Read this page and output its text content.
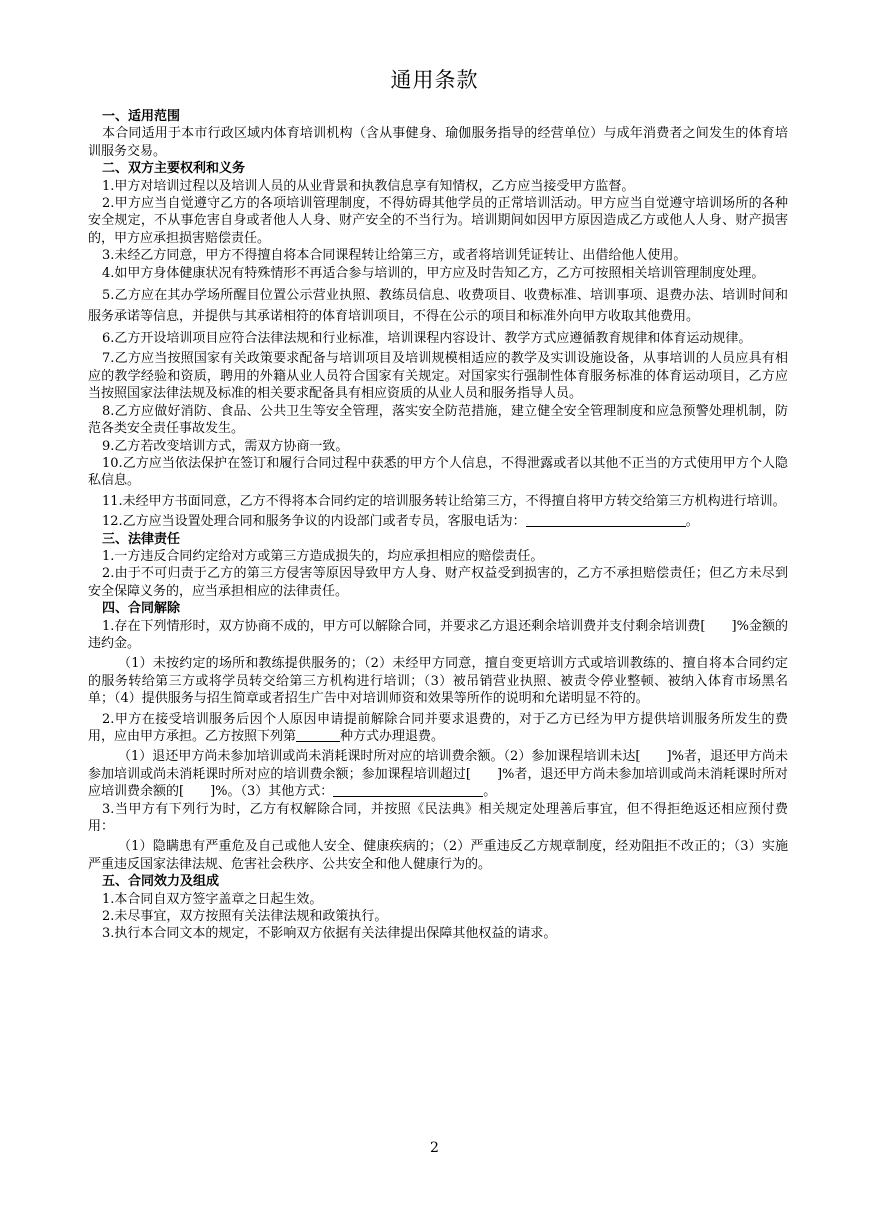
通用条款

一、适用范围

本合同适用于本市行政区域内体育培训机构（含从事健身、瑜伽服务指导的经营单位）与成年消费者之间发生的体育培训服务交易。

二、双方主要权利和义务

1.甲方对培训过程以及培训人员的从业背景和执教信息享有知情权，乙方应当接受甲方监督。

2.甲方应当自觉遵守乙方的各项培训管理制度，不得妨碍其他学员的正常培训活动。甲方应当自觉遵守培训场所的各种安全规定，不从事危害自身或者他人人身、财产安全的不当行为。培训期间如因甲方原因造成乙方或他人人身、财产损害的，甲方应承担损害赔偿责任。

3.未经乙方同意，甲方不得擅自将本合同课程转让给第三方，或者将培训凭证转让、出借给他人使用。

4.如甲方身体健康状况有特殊情形不再适合参与培训的，甲方应及时告知乙方，乙方可按照相关培训管理制度处理。

5.乙方应在其办学场所醒目位置公示营业执照、教练员信息、收费项目、收费标准、培训事项、退费办法、培训时间和服务承诺等信息，并提供与其承诺相符的体育培训项目，不得在公示的项目和标准外向甲方收取其他费用。

6.乙方开设培训项目应符合法律法规和行业标准，培训课程内容设计、教学方式应遵循教育规律和体育运动规律。

7.乙方应当按照国家有关政策要求配备与培训项目及培训规模相适应的教学及实训设施设备，从事培训的人员应具有相应的教学经验和资质，聘用的外籍从业人员符合国家有关规定。对国家实行强制性体育服务标准的体育运动项目，乙方应当按照国家法律法规及标准的相关要求配备具有相应资质的从业人员和服务指导人员。

8.乙方应做好消防、食品、公共卫生等安全管理，落实安全防范措施，建立健全安全管理制度和应急预警处理机制，防范各类安全责任事故发生。

9.乙方若改变培训方式，需双方协商一致。

10.乙方应当依法保护在签订和履行合同过程中获悉的甲方个人信息，不得泄露或者以其他不正当的方式使用甲方个人隐私信息。

11.未经甲方书面同意，乙方不得将本合同约定的培训服务转让给第三方，不得擅自将甲方转交给第三方机构进行培训。

12.乙方应当设置处理合同和服务争议的内设部门或者专员，客服电话为：	。

三、法律责任

1.一方违反合同约定给对方或第三方造成损失的，均应承担相应的赔偿责任。

2.由于不可归责于乙方的第三方侵害等原因导致甲方人身、财产权益受到损害的，乙方不承担赔偿责任；但乙方未尽到安全保障义务的，应当承担相应的法律责任。

四、合同解除

1.存在下列情形时，双方协商不成的，甲方可以解除合同，并要求乙方退还剩余培训费并支付剩余培训费[　　]%金额的违约金。

（1）未按约定的场所和教练提供服务的；（2）未经甲方同意，擅自变更培训方式或培训教练的、擅自将本合同约定的服务转给第三方或将学员转交给第三方机构进行培训；（3）被吊销营业执照、被责令停业整顿、被纳入体育市场黑名单；（4）提供服务与招生简章或者招生广告中对培训师资和效果等所作的说明和允诺明显不符的。

2.甲方在接受培训服务后因个人原因申请提前解除合同并要求退费的，对于乙方已经为甲方提供培训服务所发生的费用，应由甲方承担。乙方按照下列第	种方式办理退费。

（1）退还甲方尚未参加培训或尚未消耗课时所对应的培训费余额。（2）参加课程培训未达[　　]%者，退还甲方尚未参加培训或尚未消耗课时所对应的培训费余额；参加课程培训超过[　　]%者，退还甲方尚未参加培训或尚未消耗课时所对应培训费余额的[　　]%。（3）其他方式：	。

3.当甲方有下列行为时，乙方有权解除合同，并按照《民法典》相关规定处理善后事宜，但不得拒绝返还相应预付费用：

（1）隐瞒患有严重危及自己或他人安全、健康疾病的；（2）严重违反乙方规章制度，经劝阻拒不改正的；（3）实施严重违反国家法律法规、危害社会秩序、公共安全和他人健康行为的。

五、合同效力及组成

1.本合同自双方签字盖章之日起生效。

2.未尽事宜，双方按照有关法律法规和政策执行。

3.执行本合同文本的规定，不影响双方依据有关法律提出保障其他权益的请求。

2
